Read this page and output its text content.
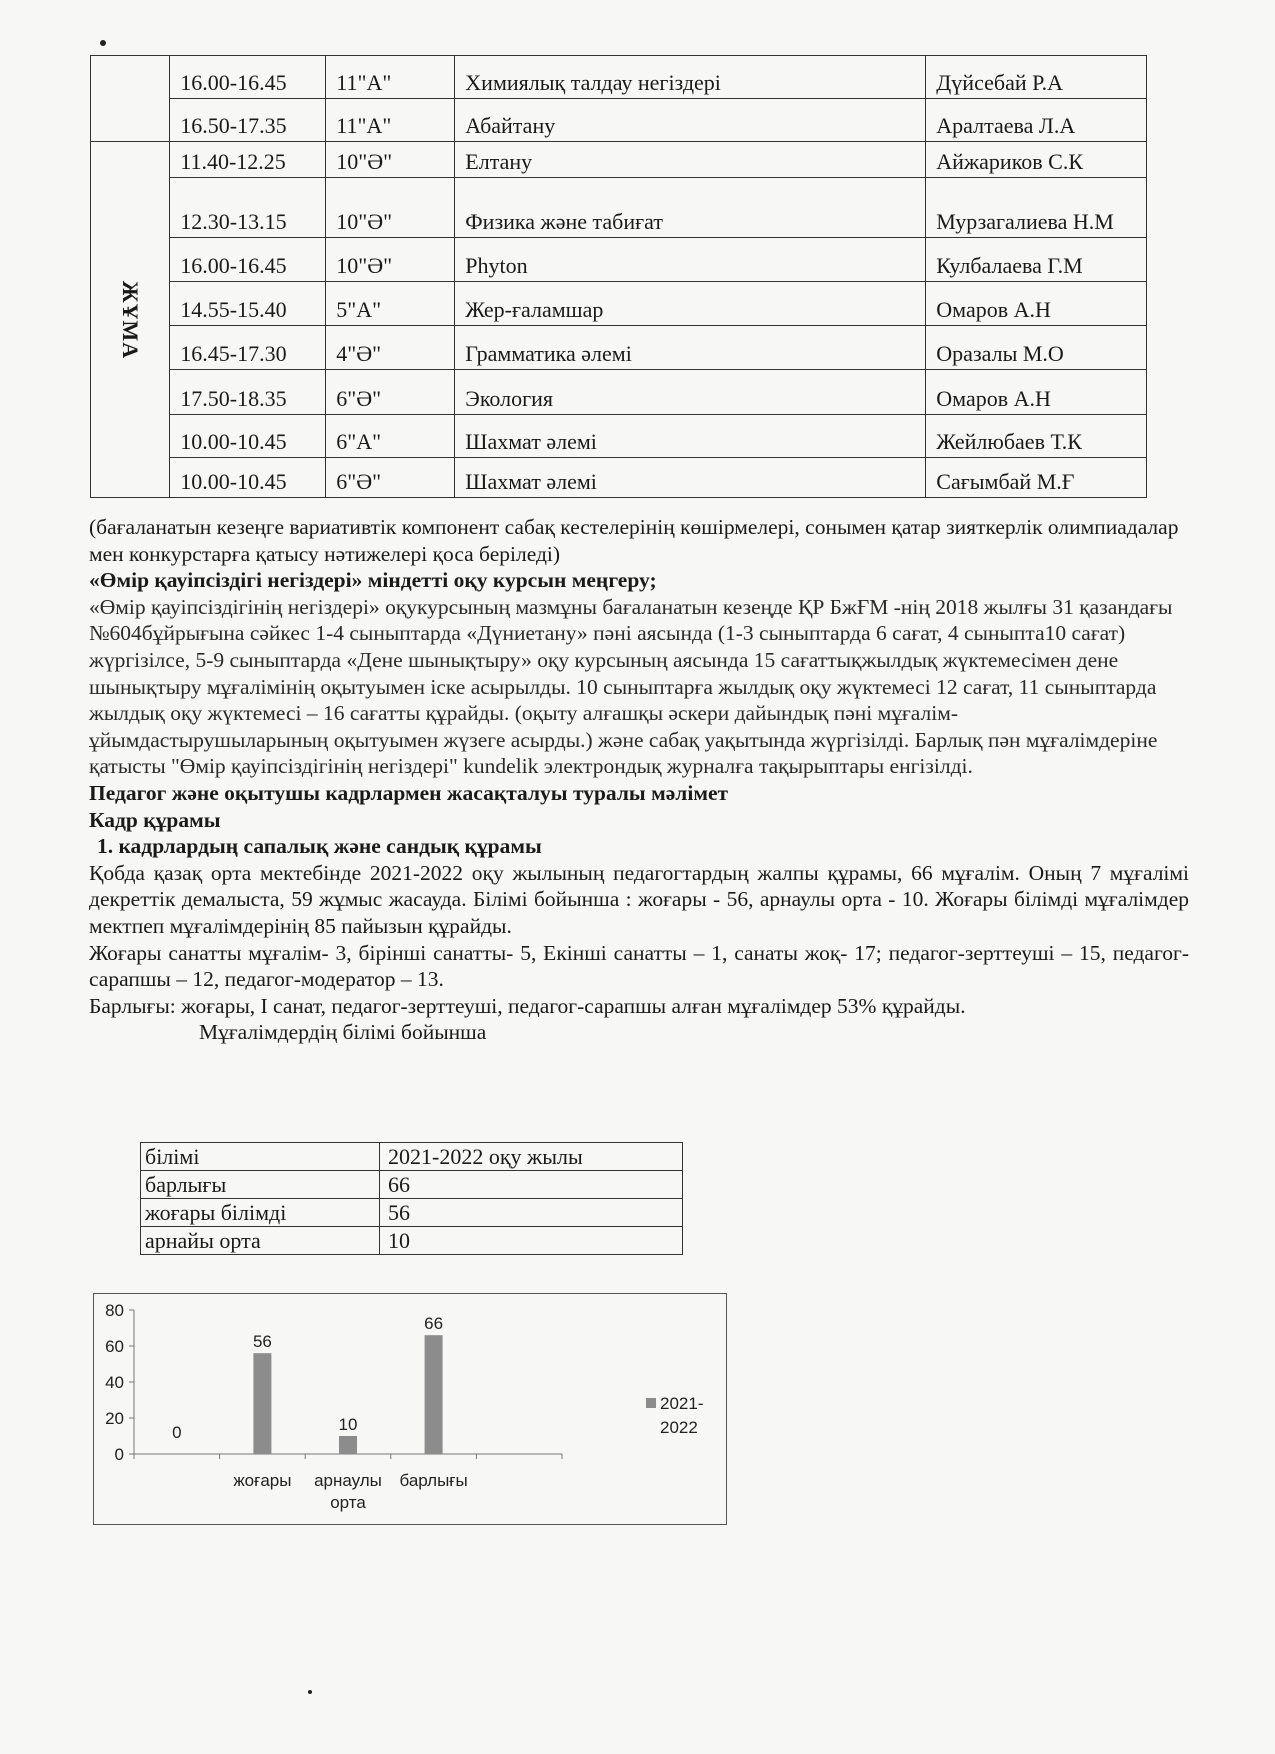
	16.00-16.45	11"А"	Химиялық талдау негіздері	Дүйсебай Р.А
	16.50-17.35	11"А"	Абайтану	Аралтаева Л.А
ЖҰМА	11.40-12.25	10"Ә"	Елтану	Айжариков С.К
	12.30-13.15	10"Ә"	Физика және табиғат	Мурзагалиева Н.М
	16.00-16.45	10"Ә"	Phyton	Кулбалаева Г.М
	14.55-15.40	5"А"	Жер-ғаламшар	Омаров А.Н
	16.45-17.30	4"Ә"	Грамматика әлемі	Оразалы М.О
	17.50-18.35	6"Ә"	Экология	Омаров А.Н
	10.00-10.45	6"А"	Шахмат әлемі	Жейлюбаев Т.К
	10.00-10.45	6"Ә"	Шахмат әлемі	Сағымбай М.Ғ

(бағаланатын кезеңге вариативтік компонент сабақ кестелерінің көшірмелері, сонымен қатар зияткерлік олимпиадалар мен конкурстарға қатысу нәтижелері қоса беріледі)

«Өмір қауіпсіздігі негіздері» міндетті оқу курсын меңгеру;

«Өмір қауіпсіздігінің негіздері» оқукурсының мазмұны бағаланатын кезеңде ҚР БжҒМ -нің 2018 жылғы 31 қазандағы №604бұйрығына сәйкес 1-4 сыныптарда «Дүниетану» пәні аясында (1-3 сыныптарда 6 сағат, 4 сыныпта10 сағат) жүргізілсе, 5-9 сыныптарда «Дене шынықтыру» оқу курсының аясында 15 сағаттықжылдық жүктемесімен дене шынықтыру мұғалімінің оқытуымен іске асырылды. 10 сыныптарға жылдық оқу жүктемесі 12 сағат, 11 сыныптарда жылдық оқу жүктемесі – 16 сағатты құрайды. (оқыту алғашқы әскери дайындық пәні мұғалім-ұйымдастырушыларының оқытуымен жүзеге асырды.) және сабақ уақытында жүргізілді. Барлық пән мұғалімдеріне қатысты "Өмір қауіпсіздігінің негіздері" kundelik электрондық журналға тақырыптары енгізілді.

Педагог және оқытушы кадрлармен жасақталуы туралы мәлімет

Кадр құрамы

1. кадрлардың сапалық және сандық құрамы

Қобда қазақ орта мектебінде 2021-2022 оқу жылының педагогтардың жалпы құрамы, 66 мұғалім. Оның 7 мұғалімі декреттік демалыста, 59 жұмыс жасауда. Білімі бойынша : жоғары - 56, арнаулы орта - 10. Жоғары білімді мұғалімдер мектпеп мұғалімдерінің 85 пайызын құрайды.

Жоғары санатты мұғалім- 3, бірінші санатты- 5, Екінші санатты – 1, санаты жоқ- 17; педагог-зерттеуші – 15, педагог-сарапшы – 12, педагог-модератор – 13.

Барлығы: жоғары, І санат, педагог-зерттеуші, педагог-сарапшы алған мұғалімдер 53% құрайды.

Мұғалімдердің білімі бойынша

білімі	2021-2022 оқу жылы
барлығы	66
жоғары білімді	56
арнайы орта	10
0
20
40
60
80
0
56
10
66
жоғары арнаулы
орта
барлығы
2021-
2022
